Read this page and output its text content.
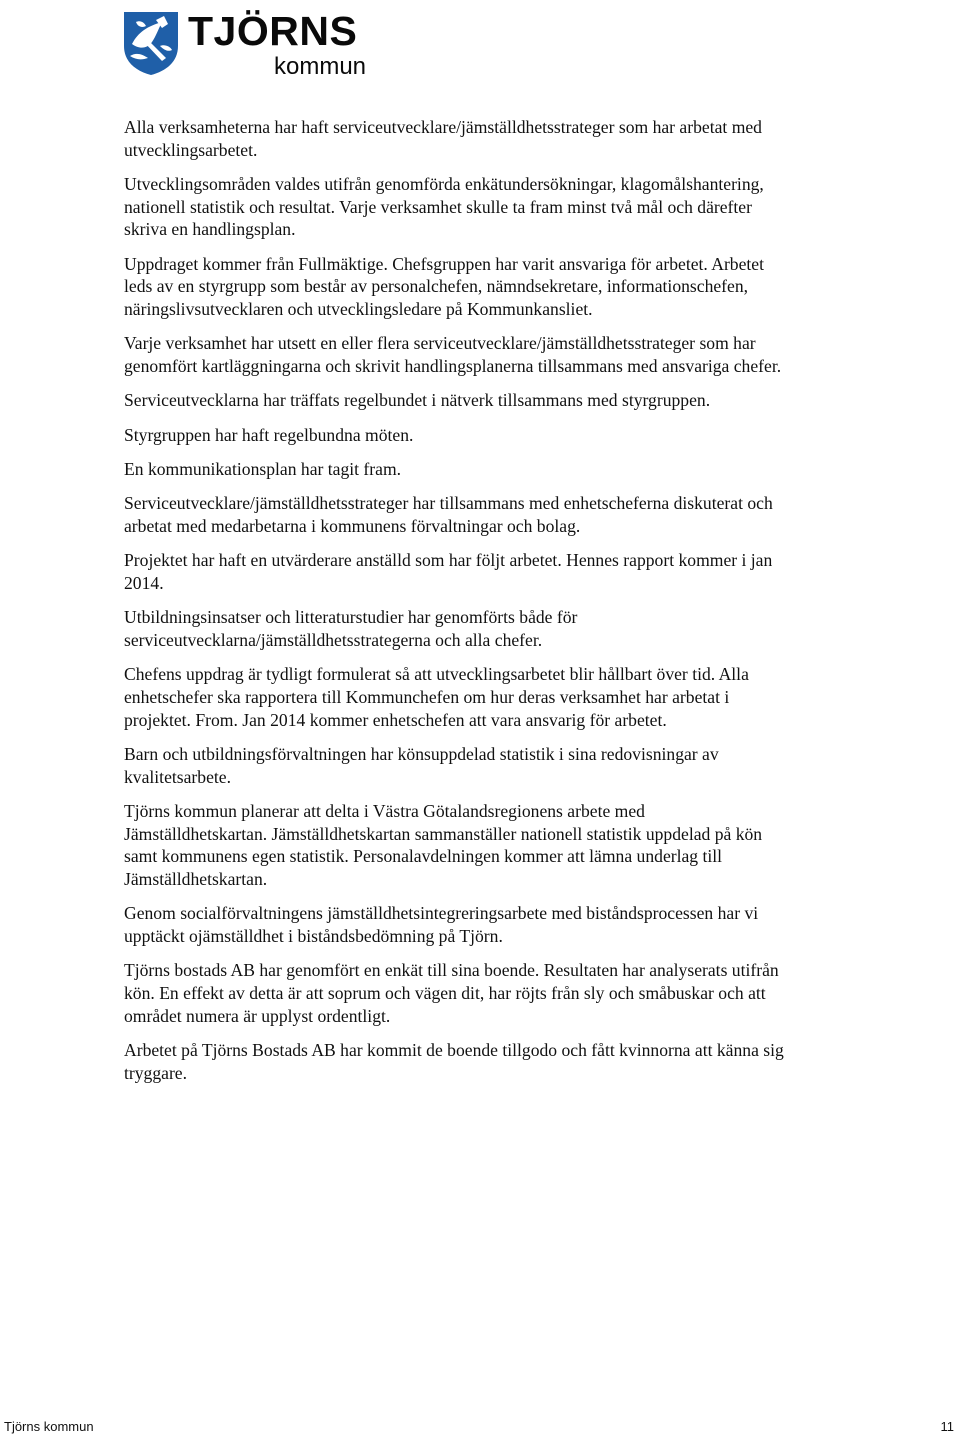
TJÖRNS
kommun

Alla verksamheterna har haft serviceutvecklare/jämställdhetsstrateger som har arbetat med utvecklingsarbetet.

Utvecklingsområden valdes utifrån genomförda enkätundersökningar, klagomålshantering, nationell statistik och resultat. Varje verksamhet skulle ta fram minst två mål och därefter skriva en handlingsplan.

Uppdraget kommer från Fullmäktige. Chefsgruppen har varit ansvariga för arbetet. Arbetet leds av en styrgrupp som består av personalchefen, nämndsekretare, informationschefen, näringslivsutvecklaren och utvecklingsledare på Kommunkansliet.

Varje verksamhet har utsett en eller flera serviceutvecklare/jämställdhetsstrateger som har genomfört kartläggningarna och skrivit handlingsplanerna tillsammans med ansvariga chefer.

Serviceutvecklarna har träffats regelbundet i nätverk tillsammans med styrgruppen.

Styrgruppen har haft regelbundna möten.

En kommunikationsplan har tagit fram.

Serviceutvecklare/jämställdhetsstrateger har tillsammans med enhetscheferna diskuterat och arbetat med medarbetarna i kommunens förvaltningar och bolag.

Projektet har haft en utvärderare anställd som har följt arbetet. Hennes rapport kommer i jan 2014.

Utbildningsinsatser och litteraturstudier har genomförts både för serviceutvecklarna/jämställdhetsstrategerna och alla chefer.

Chefens uppdrag är tydligt formulerat så att utvecklingsarbetet blir hållbart över tid. Alla enhetschefer ska rapportera till Kommunchefen om hur deras verksamhet har arbetat i projektet. From. Jan 2014 kommer enhetschefen att vara ansvarig för arbetet.

Barn och utbildningsförvaltningen har könsuppdelad statistik i sina redovisningar av kvalitetsarbete.

Tjörns kommun planerar att delta i Västra Götalandsregionens arbete med Jämställdhetskartan. Jämställdhetskartan sammanställer nationell statistik uppdelad på kön samt kommunens egen statistik. Personalavdelningen kommer att lämna underlag till Jämställdhetskartan.

Genom socialförvaltningens jämställdhetsintegreringsarbete med biståndsprocessen har vi upptäckt ojämställdhet i biståndsbedömning på Tjörn.

Tjörns bostads AB har genomfört en enkät till sina boende. Resultaten har analyserats utifrån kön. En effekt av detta är att soprum och vägen dit, har röjts från sly och småbuskar och att området numera är upplyst ordentligt.

Arbetet på Tjörns Bostads AB har kommit de boende tillgodo och fått kvinnorna att känna sig tryggare.

Tjörns kommun	11
